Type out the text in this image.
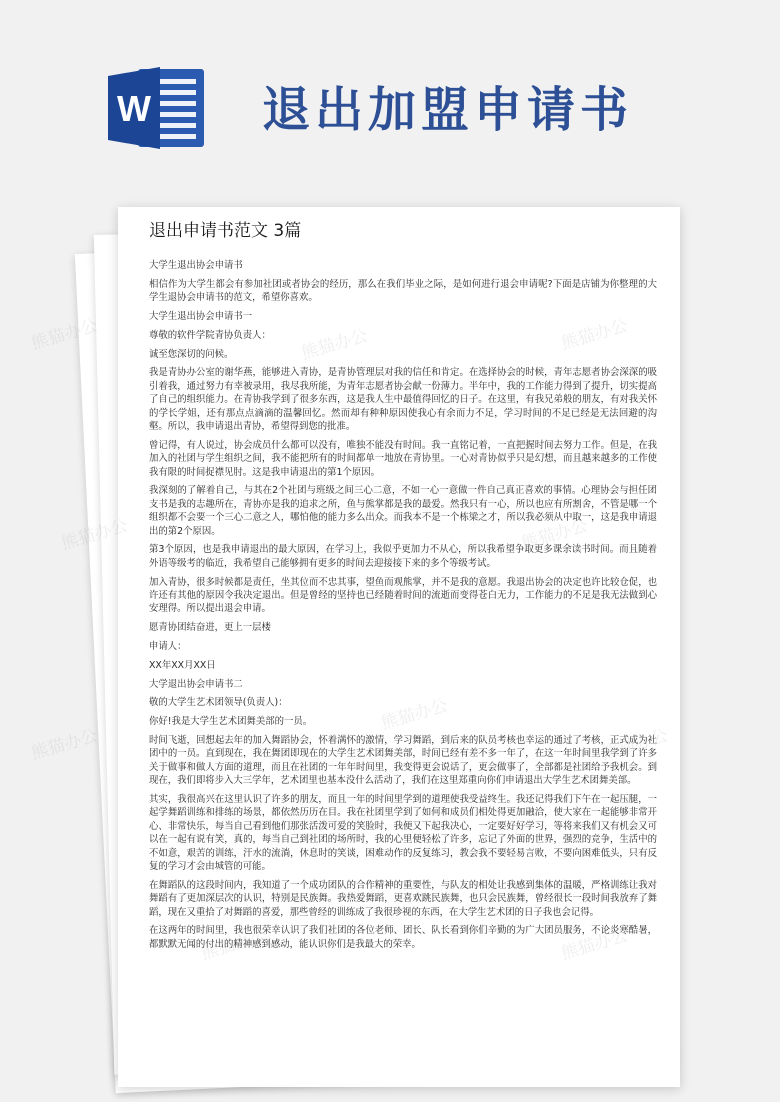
W 退出加盟申请书
退出申请书范文 3篇

大学生退出协会申请书

相信作为大学生都会有参加社团或者协会的经历，那么在我们毕业之际，是如何进行退会申请呢?下面是店铺为你整理的大学生退协会申请书的范文，希望你喜欢。

大学生退出协会申请书一

尊敬的软件学院青协负责人：

诚至您深切的问候。

我是青协办公室的谢华燕，能够进入青协，是青协管理层对我的信任和肯定。在选择协会的时候，青年志愿者协会深深的吸引着我，通过努力有幸被录用，我尽我所能，为青年志愿者协会献一份薄力。半年中，我的工作能力得到了提升，切实提高了自己的组织能力。在青协我学到了很多东西，这是我人生中最值得回忆的日子。在这里，有我兄弟般的朋友，有对我关怀的学长学姐，还有那点点滴滴的温馨回忆。然而却有种种原因使我心有余而力不足，学习时间的不足已经是无法回避的沟壑。所以，我申请退出青协，希望得到您的批准。

曾记得，有人说过，协会成员什么都可以没有，唯独不能没有时间。我一直铭记着，一直把握时间去努力工作。但是，在我加入的社团与学生组织之间，我不能把所有的时间都单一地放在青协里。一心对青协似乎只是幻想，而且越来越多的工作使我有限的时间捉襟见肘。这是我申请退出的第1个原因。

我深刻的了解着自己，与其在2个社团与班级之间三心二意，不如一心一意做一件自己真正喜欢的事情。心理协会与担任团支书是我的志趣所在，青协亦是我的追求之所，鱼与熊掌都是我的最爱。然我只有一心，所以也应有所割舍，不管是哪一个组织都不会要一个三心二意之人，哪怕他的能力多么出众。而我本不是一个栋梁之才，所以我必须从中取一，这是我申请退出的第2个原因。

第3个原因，也是我申请退出的最大原因，在学习上，我似乎更加力不从心，所以我希望争取更多课余读书时间。而且随着外语等级考的临近，我希望自己能够拥有更多的时间去迎接接下来的多个等级考试。

加入青协，很多时候都是责任，坐其位而不忠其事，望鱼而观熊掌，并不是我的意愿。我退出协会的决定也许比较仓促，也许还有其他的原因令我决定退出。但是曾经的坚持也已经随着时间的流逝而变得苍白无力，工作能力的不足是我无法做到心安理得。所以提出退会申请。

愿青协团结奋进，更上一层楼

申请人：

XX年XX月XX日

大学退出协会申请书二

敬的大学生艺术团领导(负责人)：

你好!我是大学生艺术团舞美部的一员。

时间飞逝，回想起去年的加入舞蹈协会，怀着满怀的激情，学习舞蹈，到后来的队员考核也幸运的通过了考核，正式成为社团中的一员。直到现在，我在舞团即现在的大学生艺术团舞美部，时间已经有差不多一年了，在这一年时间里我学到了许多关于做事和做人方面的道理，而且在社团的一年年时间里，我变得更会说话了，更会做事了，全部都是社团给予我机会。到现在，我们即将步入大三学年，艺术团里也基本没什么活动了，我们在这里郑重向你们申请退出大学生艺术团舞美部。

其实，我很高兴在这里认识了许多的朋友，而且一年的时间里学到的道理使我受益终生。我还记得我们下午在一起压腿，一起学舞蹈训练和排练的场景，都依然历历在目。我在社团里学到了如何和成员们相处得更加融洽，使大家在一起能够非常开心、非常快乐，每当自己看到他们那张活泼可爱的笑脸时，我便又下起我决心，一定要好好学习，等将来我们又有机会又可以在一起有说有笑，真的，每当自己到社团的场所时，我的心里便轻松了许多，忘记了外面的世界，强烈的竞争，生活中的不如意，艰苦的训练，汗水的流淌，休息时的笑谈，困难动作的反复练习，教会我不要轻易言败，不要向困难低头，只有反复的学习才会由城管的可能。

在舞蹈队的这段时间内，我知道了一个成功团队的合作精神的重要性，与队友的相处让我感到集体的温暖，严格训练让我对舞蹈有了更加深层次的认识，特别是民族舞。我热爱舞蹈，更喜欢跳民族舞，也只会民族舞，曾经很长一段时间我放弃了舞蹈，现在又重拾了对舞蹈的喜爱，那些曾经的训练成了我很珍视的东西，在大学生艺术团的日子我也会记得。

在这两年的时间里，我也很荣幸认识了我们社团的各位老师、团长、队长看到你们辛勤的为广大团员服务，不论炎寒酷暑，都默默无闻的付出的精神感到感动，能认识你们是我最大的荣幸。

熊猫办公
熊猫办公
